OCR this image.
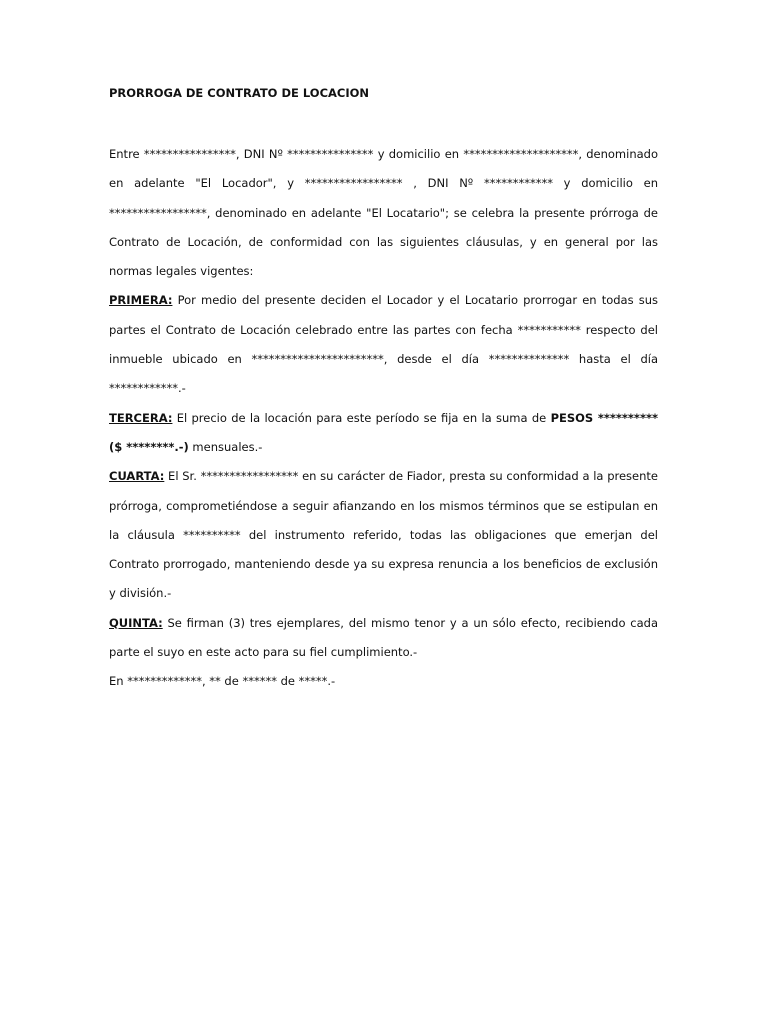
PRORROGA DE CONTRATO DE LOCACION

Entre ****************, DNI Nº *************** y domicilio en ********************, denominado en adelante "El Locador", y ***************** , DNI Nº ************ y domicilio en *****************, denominado en adelante "El Locatario"; se celebra la presente prórroga de Contrato de Locación, de conformidad con las siguientes cláusulas, y en general por las normas legales vigentes:

PRIMERA: Por medio del presente deciden el Locador y el Locatario prorrogar en todas sus partes el Contrato de Locación celebrado entre las partes con fecha *********** respecto del inmueble ubicado en ***********************, desde el día ************** hasta el día ************.-

TERCERA: El precio de la locación para este período se fija en la suma de PESOS ********** ($ ********.-) mensuales.-

CUARTA: El Sr. ***************** en su carácter de Fiador, presta su conformidad a la presente prórroga, comprometiéndose a seguir afianzando en los mismos términos que se estipulan en la cláusula ********** del instrumento referido, todas las obligaciones que emerjan del Contrato prorrogado, manteniendo desde ya su expresa renuncia a los beneficios de exclusión y división.-

QUINTA: Se firman (3) tres ejemplares, del mismo tenor y a un sólo efecto, recibiendo cada parte el suyo en este acto para su fiel cumplimiento.-

En *************, ** de ****** de *****.-
